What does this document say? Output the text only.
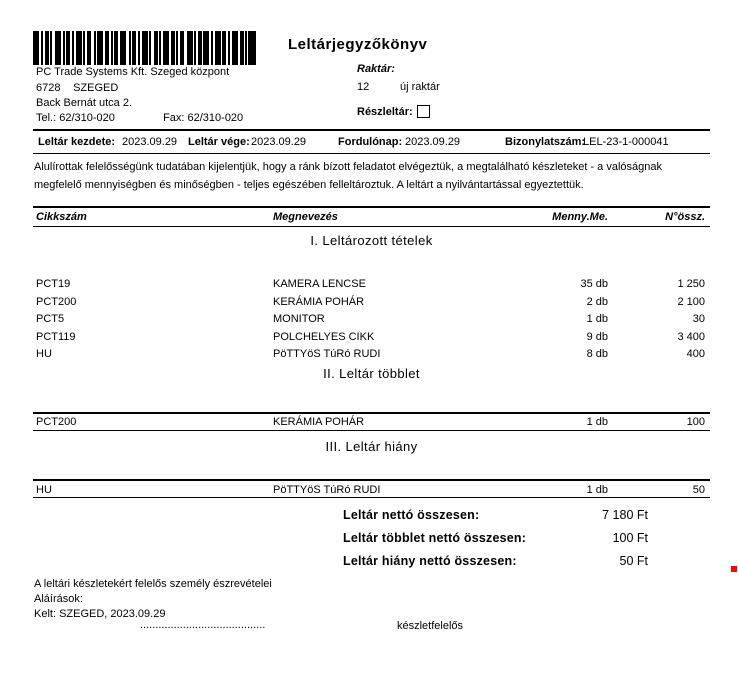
Leltárjegyzőkönyv
PC Trade Systems Kft. Szeged központ
6728 SZEGED
Back Bernát utca 2.
Tel.: 62/310-020	Fax: 62/310-020
Raktár:
12	új raktár
Részleltár:
Leltár kezdete: 2023.09.29 Leltár vége: 2023.09.29	Fordulónap: 2023.09.29	Bizonylatszám:
LEL-23-1-000041
Alulírottak felelősségünk tudatában kijelentjük, hogy a ránk bízott feladatot elvégeztük, a megtalálható készleteket - a valóságnak megfelelő mennyiségben és minőségben - teljes egészében felleltároztuk. A leltárt a nyilvántartással egyeztettük.
Cikkszám	Megnevezés	Menny.Me.	N°össz.
I. Leltározott tételek
PCT19	KAMERA LENCSE	35 db	1 250
PCT200	KERÁMIA POHÁR	2 db	2 100
PCT5	MONITOR	1 db	30
PCT119	POLCHELYES CIKK	9 db	3 400
HU	PöTTYöS TúRó RUDI	8 db	400
II. Leltár többlet
PCT200	KERÁMIA POHÁR	1 db	100
III. Leltár hiány
HU	PöTTYöS TúRó RUDI	1 db	50
Leltár nettó összesen:	7 180 Ft
Leltár többlet nettó összesen:	100 Ft
Leltár hiány nettó összesen:	50 Ft
A leltári készletekért felelős személy észrevételei
Aláírások:
Kelt: SZEGED, 2023.09.29
.........................................	készletfelelős
